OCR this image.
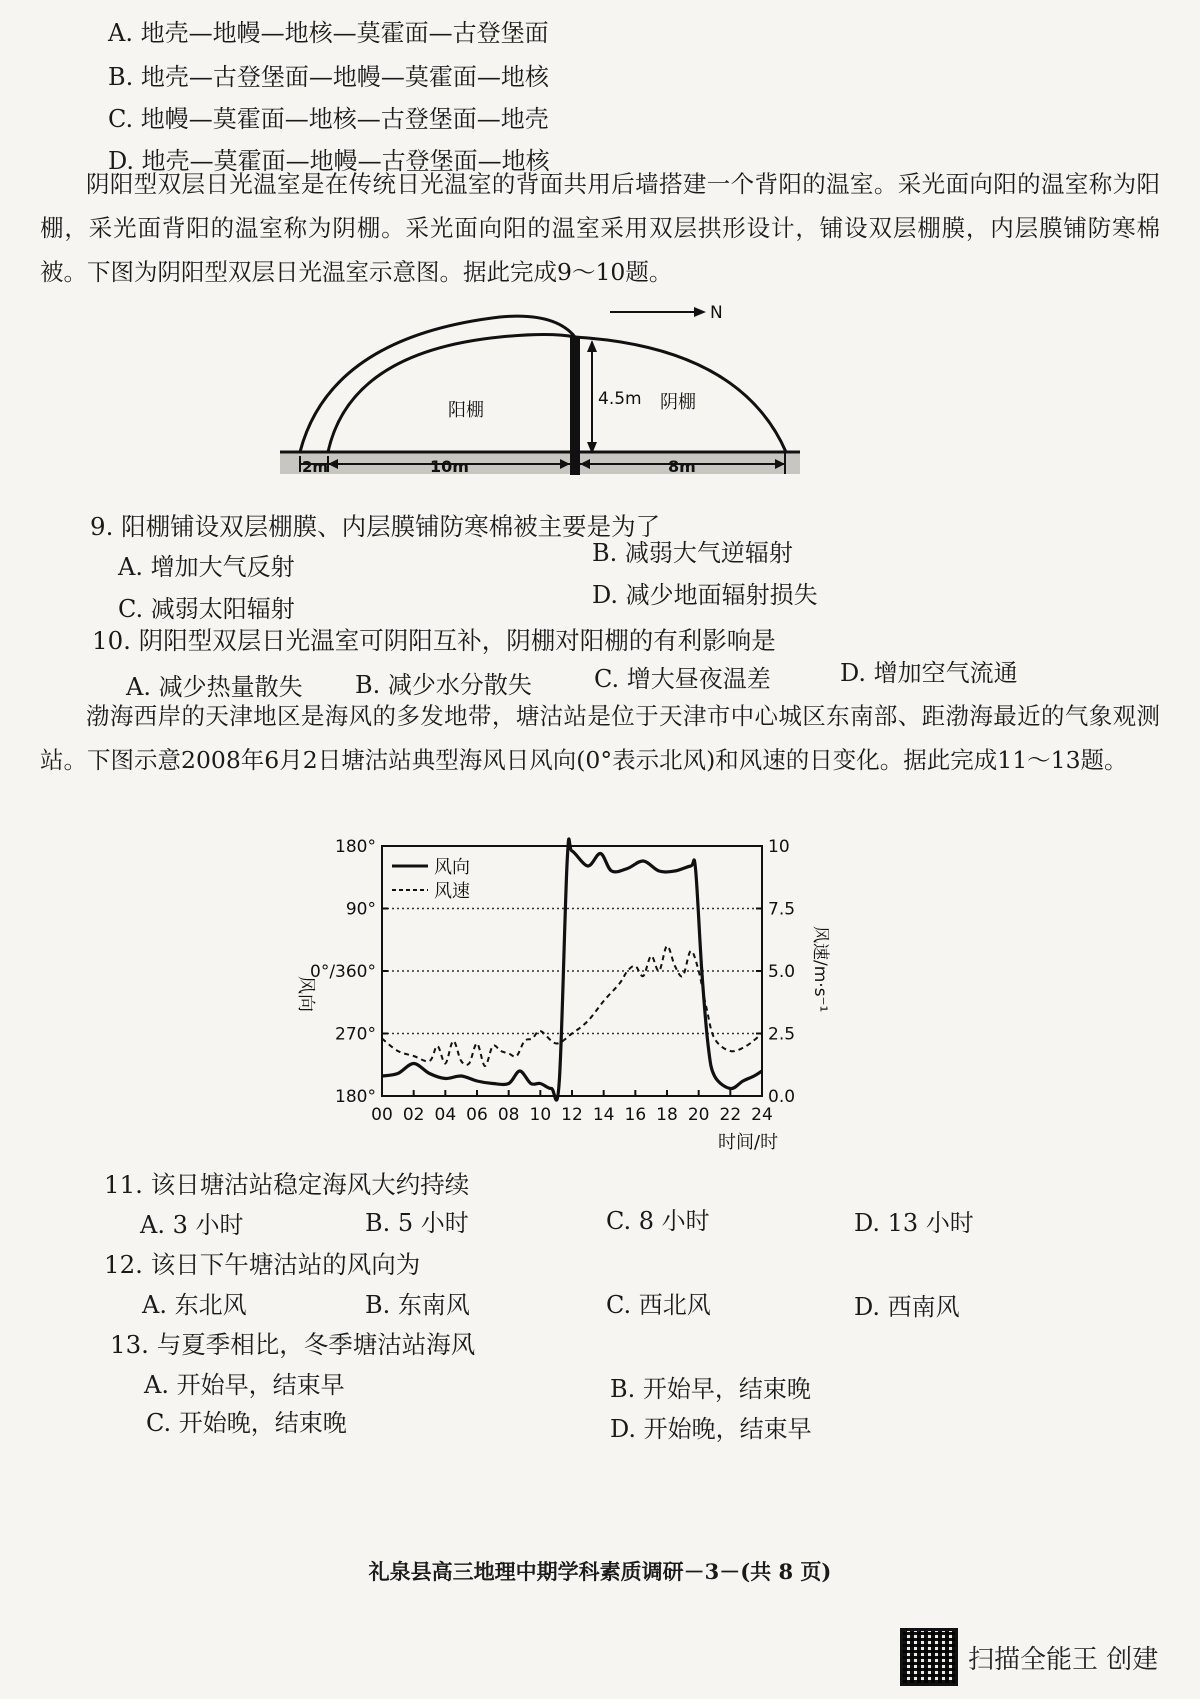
A. 地壳—地幔—地核—莫霍面—古登堡面
B. 地壳—古登堡面—地幔—莫霍面—地核
C. 地幔—莫霍面—地核—古登堡面—地壳
D. 地壳—莫霍面—地幔—古登堡面—地核
阴阳型双层日光温室是在传统日光温室的背面共用后墙搭建一个背阳的温室。采光面向阳的温室称为阳棚，采光面背阳的温室称为阴棚。采光面向阳的温室采用双层拱形设计，铺设双层棚膜，内层膜铺防寒棉被。下图为阴阳型双层日光温室示意图。据此完成9～10题。
4.5m
阳棚	阴棚
N
2m	10m	8m
9. 阳棚铺设双层棚膜、内层膜铺防寒棉被主要是为了
A. 增加大气反射	B. 减弱大气逆辐射
C. 减弱太阳辐射	D. 减少地面辐射损失
10. 阴阳型双层日光温室可阴阳互补，阴棚对阳棚的有利影响是
A. 减少热量散失 B. 减少水分散失	C. 增大昼夜温差	D. 增加空气流通
渤海西岸的天津地区是海风的多发地带，塘沽站是位于天津市中心城区东南部、距渤海最近的气象观测站。下图示意2008年6月2日塘沽站典型海风日风向(0°表示北风)和风速的日变化。据此完成11～13题。
180°
90°
0°/360°
270°
180°
10
7.5
5.0
2.5
0.0
00 02 04 06 08 10 12 14 16 18 20 22 24
风向
风速
风向	风速/m·s⁻¹
时间/时
11. 该日塘沽站稳定海风大约持续
A. 3 小时	B. 5 小时	C. 8 小时	D. 13 小时
12. 该日下午塘沽站的风向为
A. 东北风	B. 东南风	C. 西北风	D. 西南风
13. 与夏季相比，冬季塘沽站海风
A. 开始早，结束早	B. 开始早，结束晚
C. 开始晚，结束晚	D. 开始晚，结束早
礼泉县高三地理中期学科素质调研－3－(共 8 页)
扫描全能王 创建
